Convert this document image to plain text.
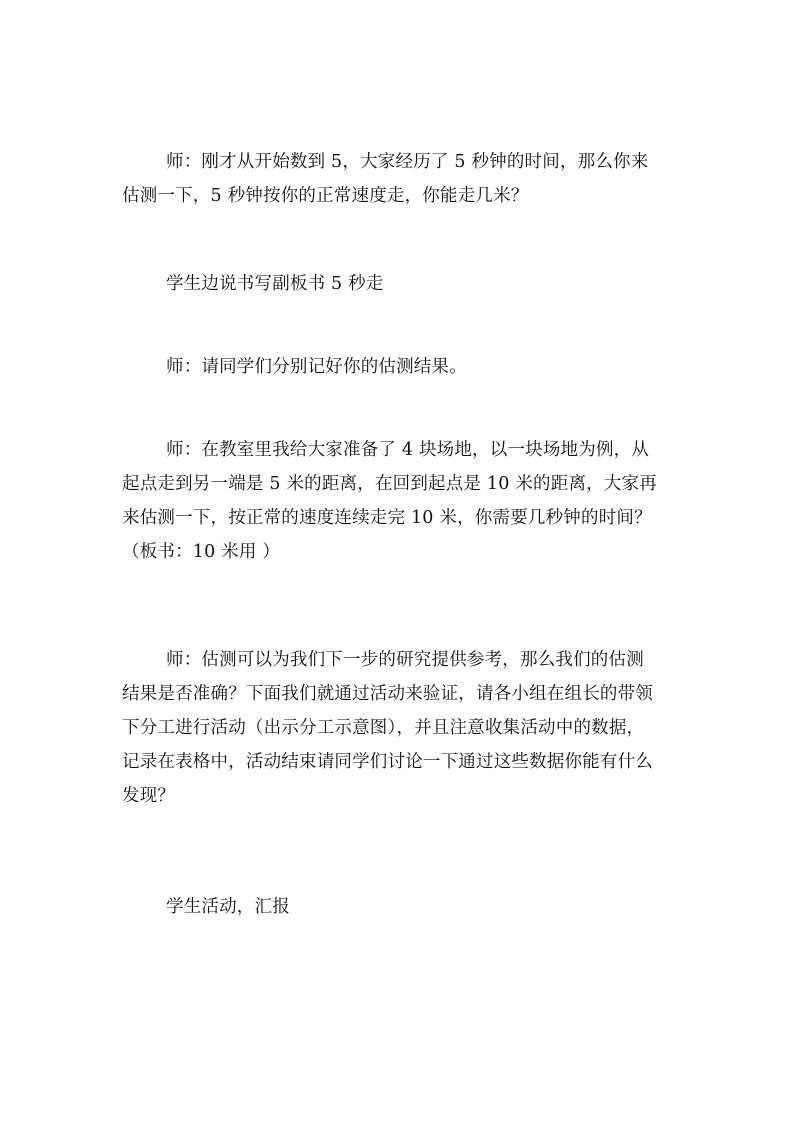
师：刚才从开始数到 5，大家经历了 5 秒钟的时间，那么你来
估测一下，5 秒钟按你的正常速度走，你能走几米？

学生边说书写副板书 5 秒走

师：请同学们分别记好你的估测结果。

师：在教室里我给大家准备了 4 块场地，以一块场地为例，从
起点走到另一端是 5 米的距离，在回到起点是 10 米的距离，大家再
来估测一下，按正常的速度连续走完 10 米，你需要几秒钟的时间？
（板书：10 米用 ）

师：估测可以为我们下一步的研究提供参考，那么我们的估测
结果是否准确？下面我们就通过活动来验证，请各小组在组长的带领
下分工进行活动（出示分工示意图），并且注意收集活动中的数据，
记录在表格中，活动结束请同学们讨论一下通过这些数据你能有什么
发现？

学生活动，汇报
